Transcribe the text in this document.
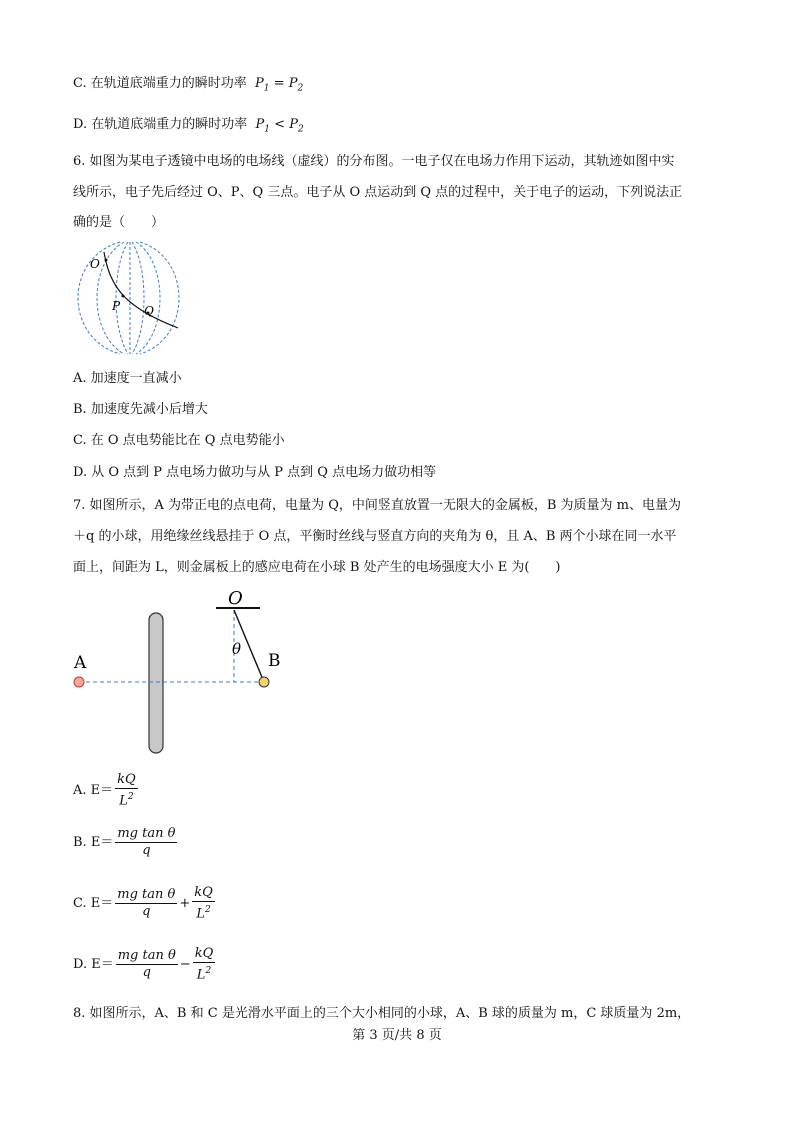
C. 在轨道底端重力的瞬时功率  $P_1 = P_2$
D. 在轨道底端重力的瞬时功率  $P_1 < P_2$
6. 如图为某电子透镜中电场的电场线（虚线）的分布图。一电子仅在电场力作用下运动，其轨迹如图中实
线所示，电子先后经过 O、P、Q 三点。电子从 O 点运动到 Q 点的过程中，关于电子的运动，下列说法正
确的是（　　）
O
P Q
A. 加速度一直减小
B. 加速度先减小后增大
C. 在 O 点电势能比在 Q 点电势能小
D. 从 O 点到 P 点电场力做功与从 P 点到 Q 点电场力做功相等
7. 如图所示，A 为带正电的点电荷，电量为 Q，中间竖直放置一无限大的金属板，B 为质量为 m、电量为
＋q 的小球，用绝缘丝线悬挂于 O 点，平衡时丝线与竖直方向的夹角为 θ，且 A、B 两个小球在同一水平
面上，间距为 L，则金属板上的感应电荷在小球 B 处产生的电场强度大小 E 为(　　)
O
θ
A	B
A. $E= \frac{kQ}{L^2}$
B. $E= \frac{\text{mg tan θ}}{q}$
C. $E= \frac{\text{mg tan θ}}{q} + \frac{kQ}{L^2}$
D. $E= \frac{\text{mg tan θ}}{q} - \frac{kQ}{L^2}$
8. 如图所示，A、B 和 C 是光滑水平面上的三个大小相同的小球，A、B 球的质量为 m，C 球质量为 2m，
第 3 页/共 8 页
